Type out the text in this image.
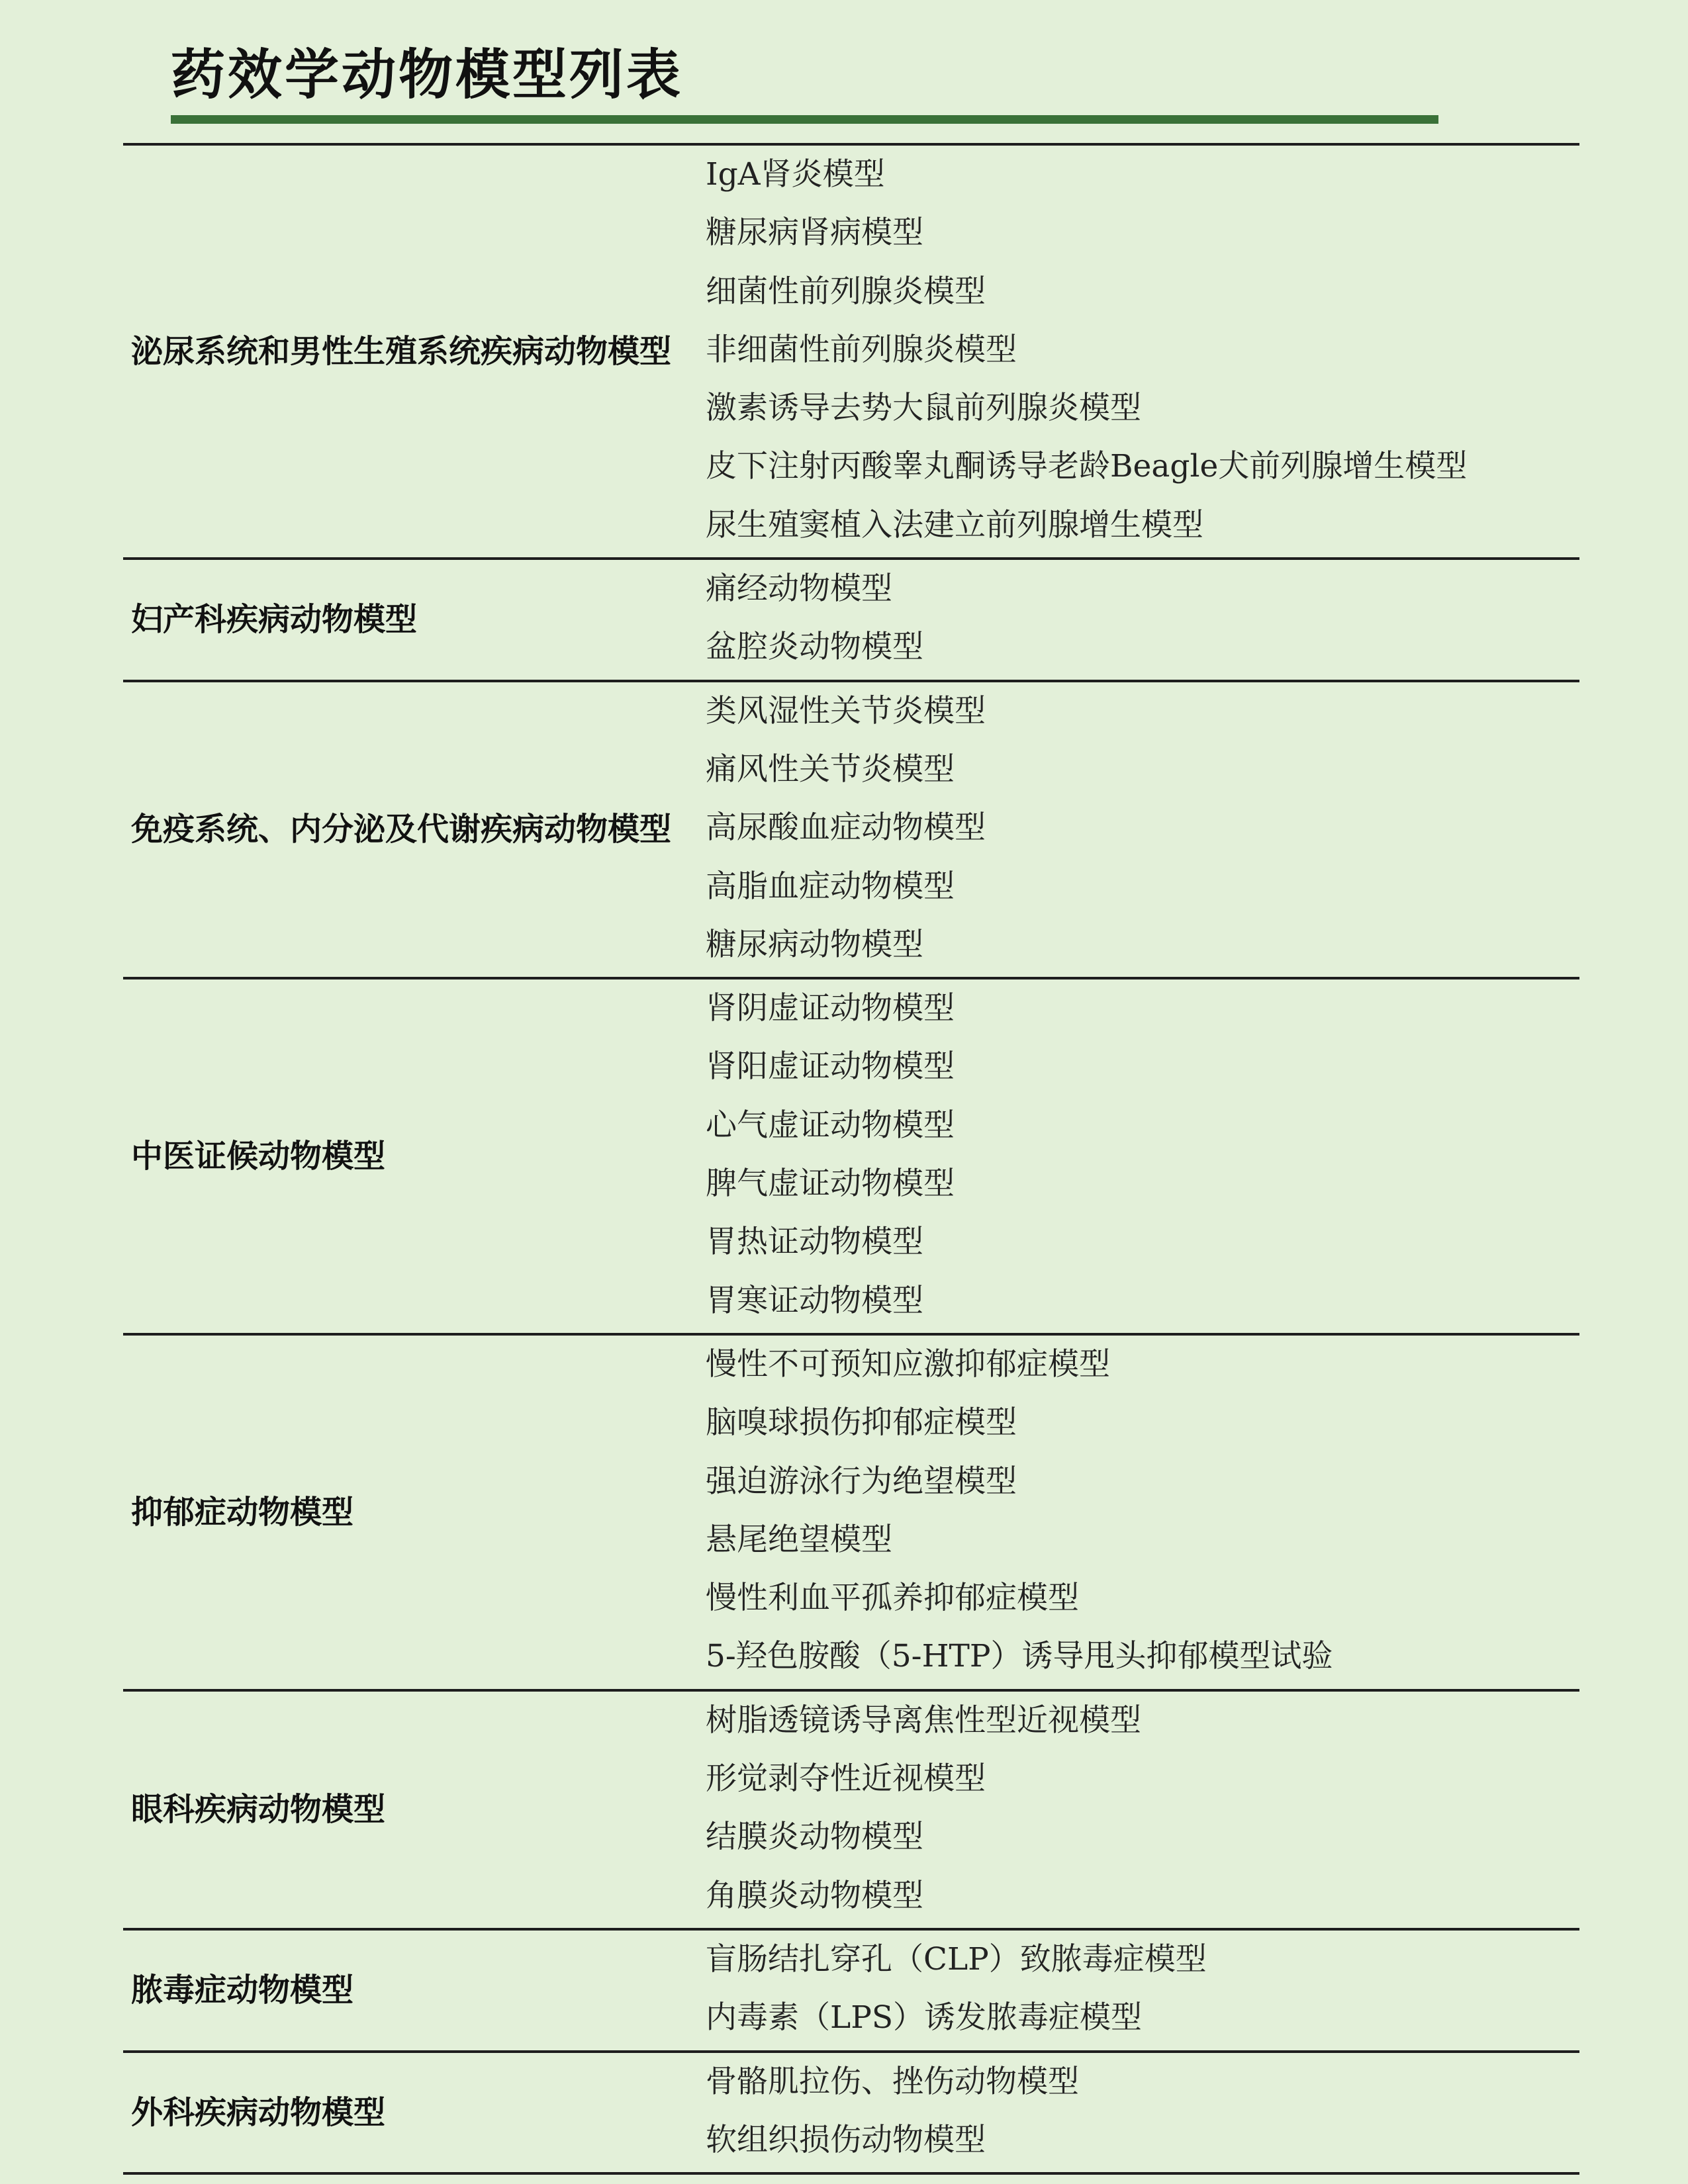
药效学动物模型列表
泌尿系统和男性生殖系统疾病动物模型
IgA肾炎模型
糖尿病肾病模型
细菌性前列腺炎模型
非细菌性前列腺炎模型
激素诱导去势大鼠前列腺炎模型
皮下注射丙酸睾丸酮诱导老龄Beagle犬前列腺增生模型
尿生殖窦植入法建立前列腺增生模型
妇产科疾病动物模型
痛经动物模型
盆腔炎动物模型
免疫系统、内分泌及代谢疾病动物模型
类风湿性关节炎模型
痛风性关节炎模型
高尿酸血症动物模型
高脂血症动物模型
糖尿病动物模型
中医证候动物模型
肾阴虚证动物模型
肾阳虚证动物模型
心气虚证动物模型
脾气虚证动物模型
胃热证动物模型
胃寒证动物模型
抑郁症动物模型
慢性不可预知应激抑郁症模型
脑嗅球损伤抑郁症模型
强迫游泳行为绝望模型
悬尾绝望模型
慢性利血平孤养抑郁症模型
5-羟色胺酸（5-HTP）诱导甩头抑郁模型试验
眼科疾病动物模型
树脂透镜诱导离焦性型近视模型
形觉剥夺性近视模型
结膜炎动物模型
角膜炎动物模型
脓毒症动物模型
盲肠结扎穿孔（CLP）致脓毒症模型
内毒素（LPS）诱发脓毒症模型
外科疾病动物模型
骨骼肌拉伤、挫伤动物模型
软组织损伤动物模型
